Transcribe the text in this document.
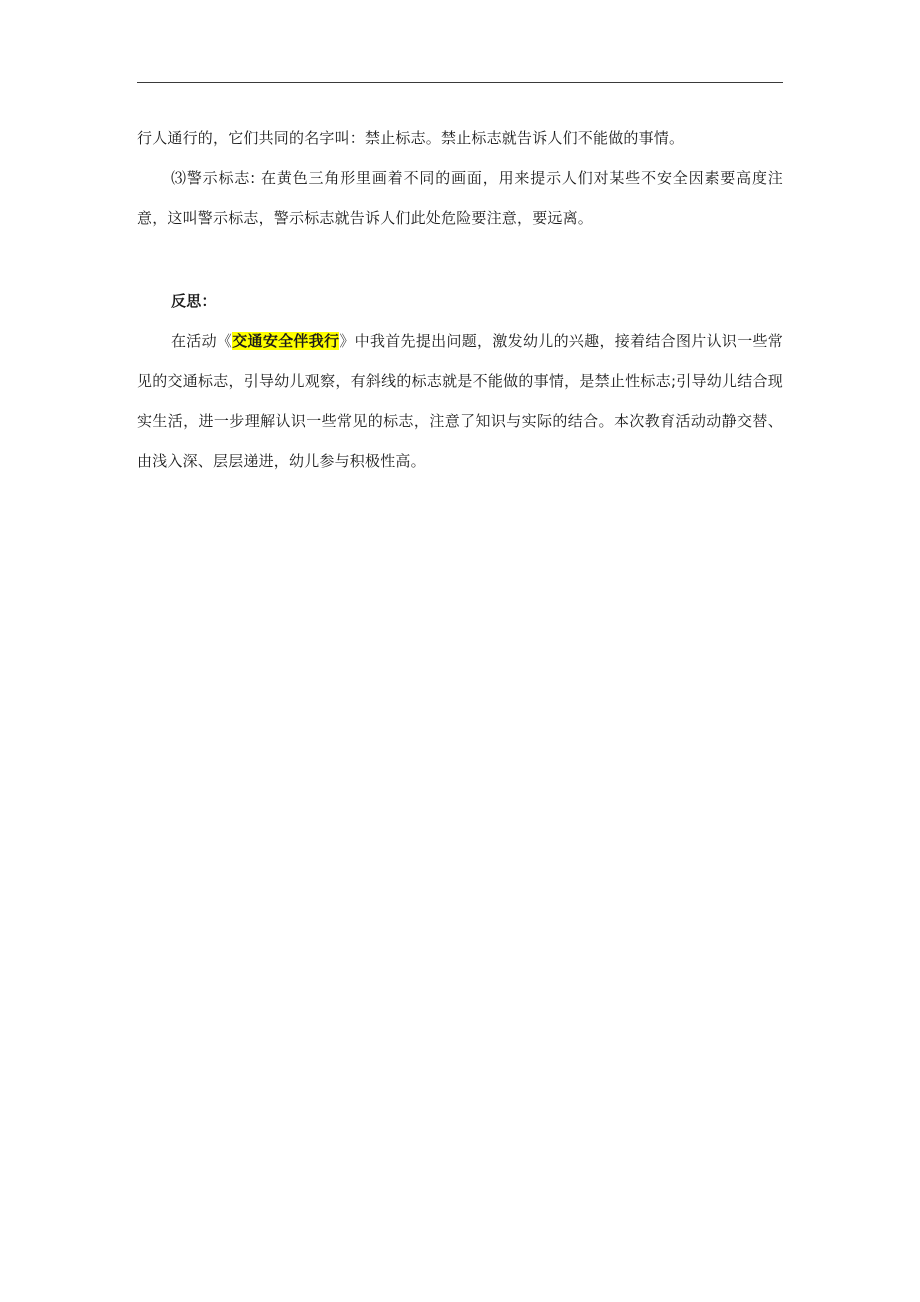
行人通行的，它们共同的名字叫：禁止标志。禁止标志就告诉人们不能做的事情。

⑶警示标志: 在黄色三角形里画着不同的画面，用来提示人们对某些不安全因素要高度注意，这叫警示标志，警示标志就告诉人们此处危险要注意，要远离。

反思：

在活动《交通安全伴我行》中我首先提出问题，激发幼儿的兴趣，接着结合图片认识一些常见的交通标志，引导幼儿观察，有斜线的标志就是不能做的事情，是禁止性标志;引导幼儿结合现实生活，进一步理解认识一些常见的标志，注意了知识与实际的结合。本次教育活动动静交替、由浅入深、层层递进，幼儿参与积极性高。
